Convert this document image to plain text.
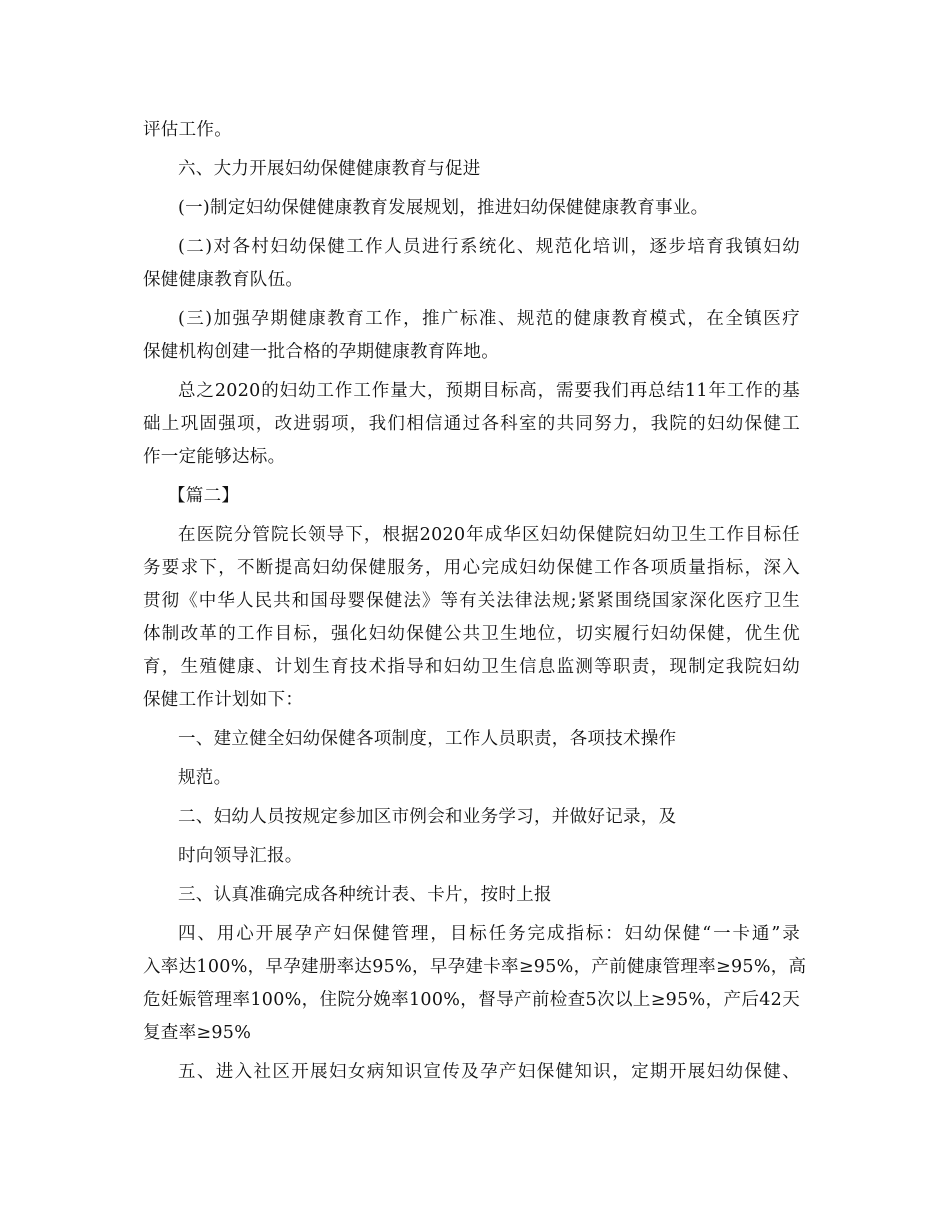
评估工作。
六、大力开展妇幼保健健康教育与促进
(一)制定妇幼保健健康教育发展规划，推进妇幼保健健康教育事业。
(二)对各村妇幼保健工作人员进行系统化、规范化培训，逐步培育我镇妇幼
保健健康教育队伍。
(三)加强孕期健康教育工作，推广标准、规范的健康教育模式，在全镇医疗
保健机构创建一批合格的孕期健康教育阵地。
总之2020的妇幼工作工作量大，预期目标高，需要我们再总结11年工作的基
础上巩固强项，改进弱项，我们相信通过各科室的共同努力，我院的妇幼保健工
作一定能够达标。
【篇二】
在医院分管院长领导下，根据2020年成华区妇幼保健院妇幼卫生工作目标任
务要求下，不断提高妇幼保健服务，用心完成妇幼保健工作各项质量指标，深入
贯彻《中华人民共和国母婴保健法》等有关法律法规;紧紧围绕国家深化医疗卫生
体制改革的工作目标，强化妇幼保健公共卫生地位，切实履行妇幼保健，优生优
育，生殖健康、计划生育技术指导和妇幼卫生信息监测等职责，现制定我院妇幼
保健工作计划如下：
一、建立健全妇幼保健各项制度，工作人员职责，各项技术操作
规范。
二、妇幼人员按规定参加区市例会和业务学习，并做好记录，及
时向领导汇报。
三、认真准确完成各种统计表、卡片，按时上报
四、用心开展孕产妇保健管理，目标任务完成指标：妇幼保健“一卡通”录
入率达100%，早孕建册率达95%，早孕建卡率≥95%，产前健康管理率≥95%，高
危妊娠管理率100%，住院分娩率100%，督导产前检查5次以上≥95%，产后42天
复查率≥95%
五、进入社区开展妇女病知识宣传及孕产妇保健知识，定期开展妇幼保健、
